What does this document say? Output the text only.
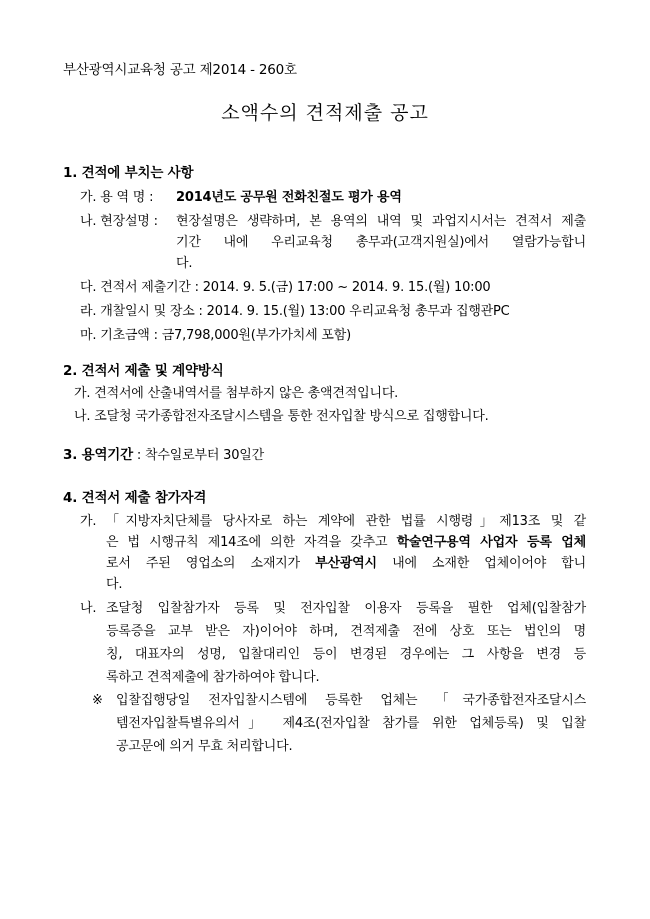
부산광역시교육청 공고 제2014 - 260호
소액수의 견적제출 공고
1. 견적에 부치는 사항
가. 용 역 명 : 2014년도 공무원 전화친절도 평가 용역
나. 현장설명 : 현장설명은 생략하며, 본 용역의 내역 및 과업지시서는 견적서 제출
기간 내에 우리교육청 총무과(고객지원실)에서 열람가능합니
다.
다. 견적서 제출기간 : 2014. 9. 5.(금) 17:00 ~ 2014. 9. 15.(월) 10:00
라. 개찰일시 및 장소 : 2014. 9. 15.(월) 13:00 우리교육청 총무과 집행관PC
마. 기초금액 : 금7,798,000원(부가가치세 포함)
2. 견적서 제출 및 계약방식
가. 견적서에 산출내역서를 첨부하지 않은 총액견적입니다.
나. 조달청 국가종합전자조달시스템을 통한 전자입찰 방식으로 집행합니다.
3. 용역기간 : 착수일로부터 30일간
4. 견적서 제출 참가자격
가. 「지방자치단체를 당사자로 하는 계약에 관한 법률 시행령」제13조 및 같
은 법 시행규칙 제14조에 의한 자격을 갖추고 학술연구용역 사업자 등록 업체
로서 주된 영업소의 소재지가 부산광역시 내에 소재한 업체이어야 합니
다.
나. 조달청 입찰참가자 등록 및 전자입찰 이용자 등록을 필한 업체(입찰참가
등록증을 교부 받은 자)이어야 하며, 견적제출 전에 상호 또는 법인의 명
칭, 대표자의 성명, 입찰대리인 등이 변경된 경우에는 그 사항을 변경 등
록하고 견적제출에 참가하여야 합니다.
※ 입찰집행당일 전자입찰시스템에 등록한 업체는 「국가종합전자조달시스
템전자입찰특별유의서」 제4조(전자입찰 참가를 위한 업체등록) 및 입찰
공고문에 의거 무효 처리합니다.
